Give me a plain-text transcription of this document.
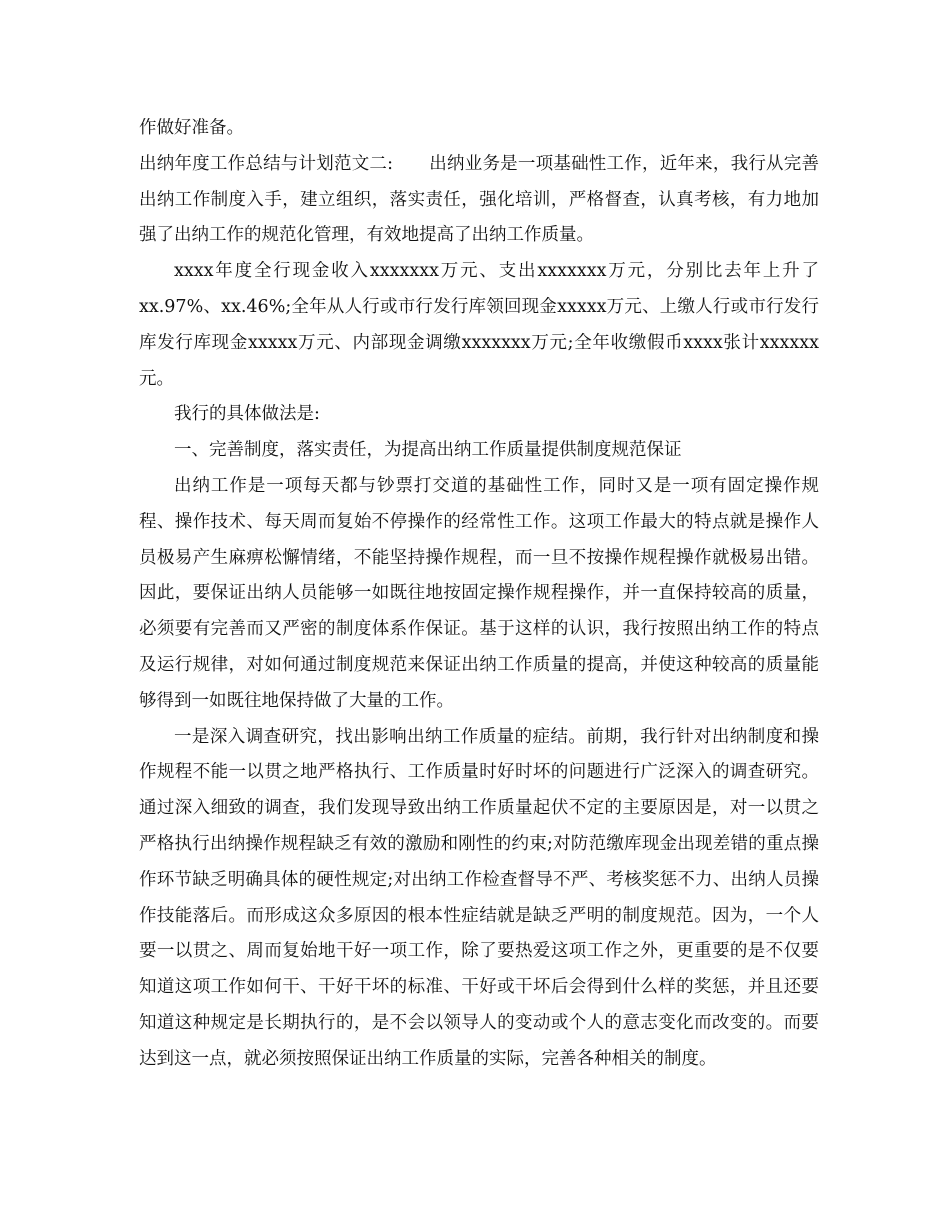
作做好准备。

出纳年度工作总结与计划范文二: 出纳业务是一项基础性工作，近年来，我行从完善出纳工作制度入手，建立组织，落实责任，强化培训，严格督查，认真考核，有力地加强了出纳工作的规范化管理，有效地提高了出纳工作质量。

xxxx年度全行现金收入xxxxxxx万元、支出xxxxxxx万元，分别比去年上升了xx.97%、xx.46%;全年从人行或市行发行库领回现金xxxxx万元、上缴人行或市行发行库发行库现金xxxxx万元、内部现金调缴xxxxxxx万元;全年收缴假币xxxx张计xxxxxx元。

我行的具体做法是:

一、完善制度，落实责任，为提高出纳工作质量提供制度规范保证

出纳工作是一项每天都与钞票打交道的基础性工作，同时又是一项有固定操作规程、操作技术、每天周而复始不停操作的经常性工作。这项工作最大的特点就是操作人员极易产生麻痹松懈情绪，不能坚持操作规程，而一旦不按操作规程操作就极易出错。因此，要保证出纳人员能够一如既往地按固定操作规程操作，并一直保持较高的质量，必须要有完善而又严密的制度体系作保证。基于这样的认识，我行按照出纳工作的特点及运行规律，对如何通过制度规范来保证出纳工作质量的提高，并使这种较高的质量能够得到一如既往地保持做了大量的工作。

一是深入调查研究，找出影响出纳工作质量的症结。前期，我行针对出纳制度和操作规程不能一以贯之地严格执行、工作质量时好时坏的问题进行广泛深入的调查研究。通过深入细致的调查，我们发现导致出纳工作质量起伏不定的主要原因是，对一以贯之严格执行出纳操作规程缺乏有效的激励和刚性的约束;对防范缴库现金出现差错的重点操作环节缺乏明确具体的硬性规定;对出纳工作检查督导不严、考核奖惩不力、出纳人员操作技能落后。而形成这众多原因的根本性症结就是缺乏严明的制度规范。因为，一个人要一以贯之、周而复始地干好一项工作，除了要热爱这项工作之外，更重要的是不仅要知道这项工作如何干、干好干坏的标准、干好或干坏后会得到什么样的奖惩，并且还要知道这种规定是长期执行的，是不会以领导人的变动或个人的意志变化而改变的。而要达到这一点，就必须按照保证出纳工作质量的实际，完善各种相关的制度。
